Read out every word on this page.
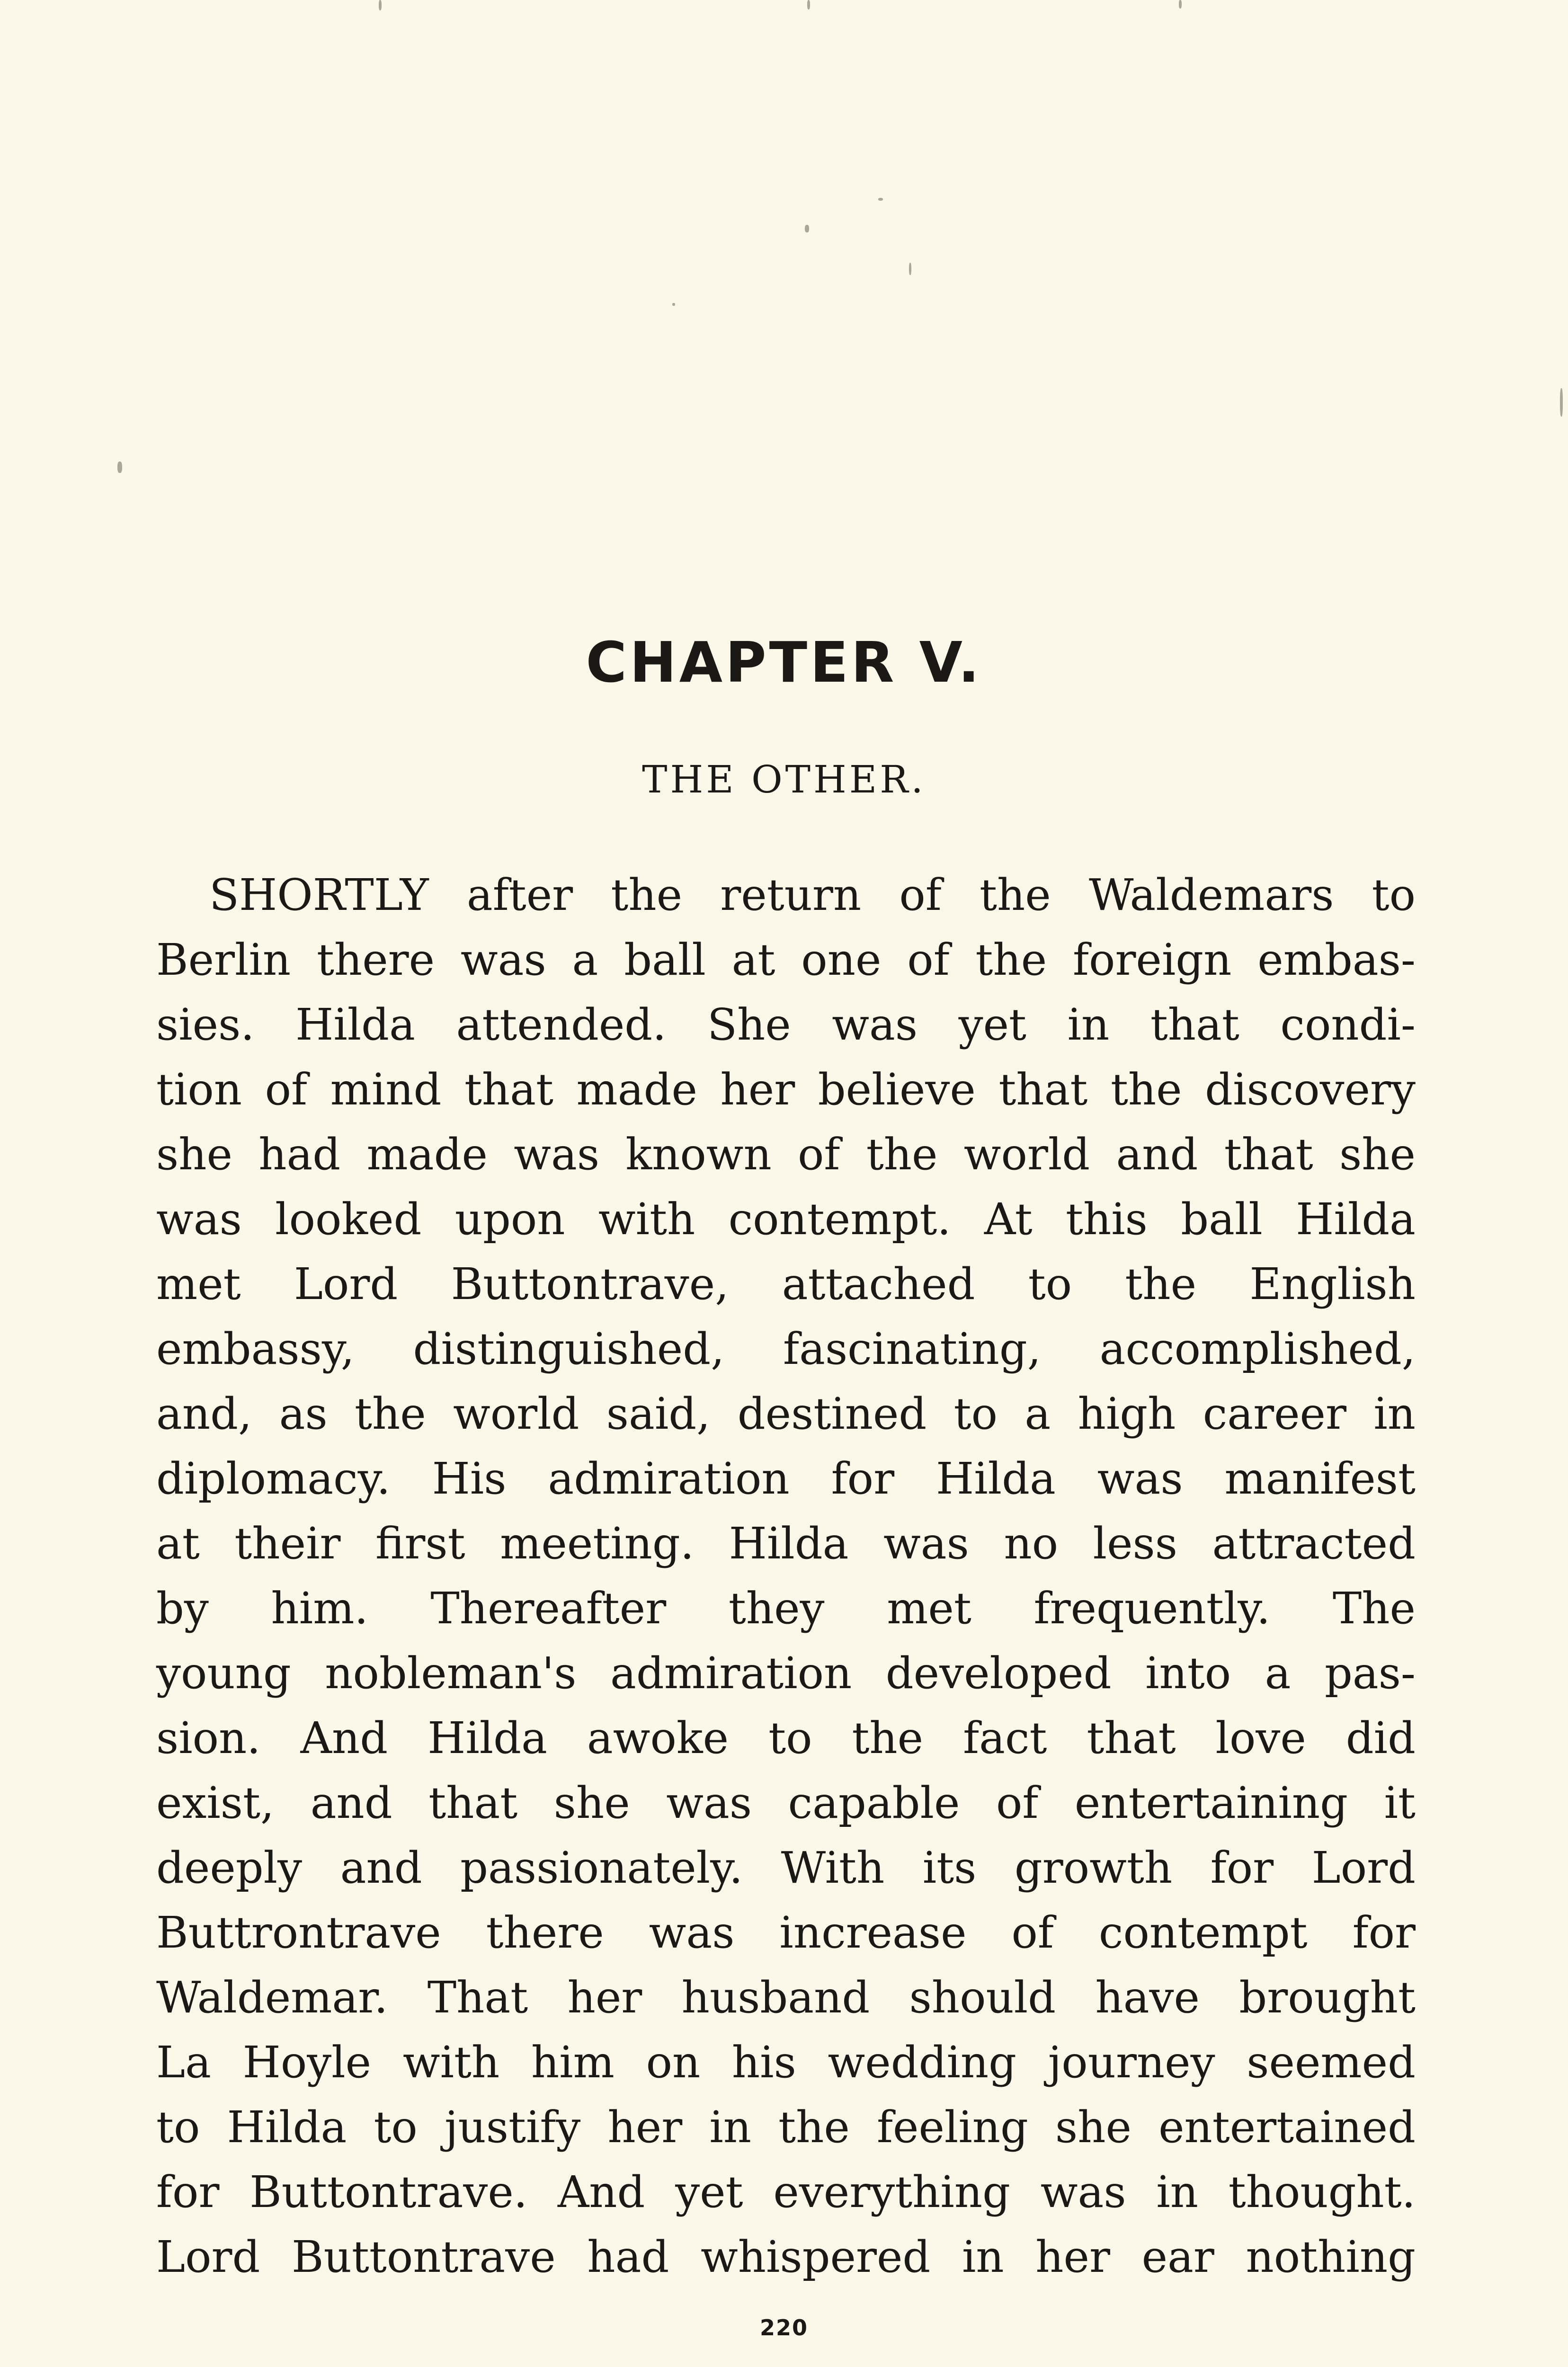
CHAPTER V.
THE OTHER.
SHORTLY after the return of the Waldemars to
Berlin there was a ball at one of the foreign embas-
sies. Hilda attended. She was yet in that condi-
tion of mind that made her believe that the discovery
she had made was known of the world and that she
was looked upon with contempt. At this ball Hilda
met Lord Buttontrave, attached to the English
embassy, distinguished, fascinating, accomplished,
and, as the world said, destined to a high career in
diplomacy. His admiration for Hilda was manifest
at their first meeting. Hilda was no less attracted
by him. Thereafter they met frequently. The
young nobleman's admiration developed into a pas-
sion. And Hilda awoke to the fact that love did
exist, and that she was capable of entertaining it
deeply and passionately. With its growth for Lord
Buttrontrave there was increase of contempt for
Waldemar. That her husband should have brought
La Hoyle with him on his wedding journey seemed
to Hilda to justify her in the feeling she entertained
for Buttontrave. And yet everything was in thought.
Lord Buttontrave had whispered in her ear nothing
220
